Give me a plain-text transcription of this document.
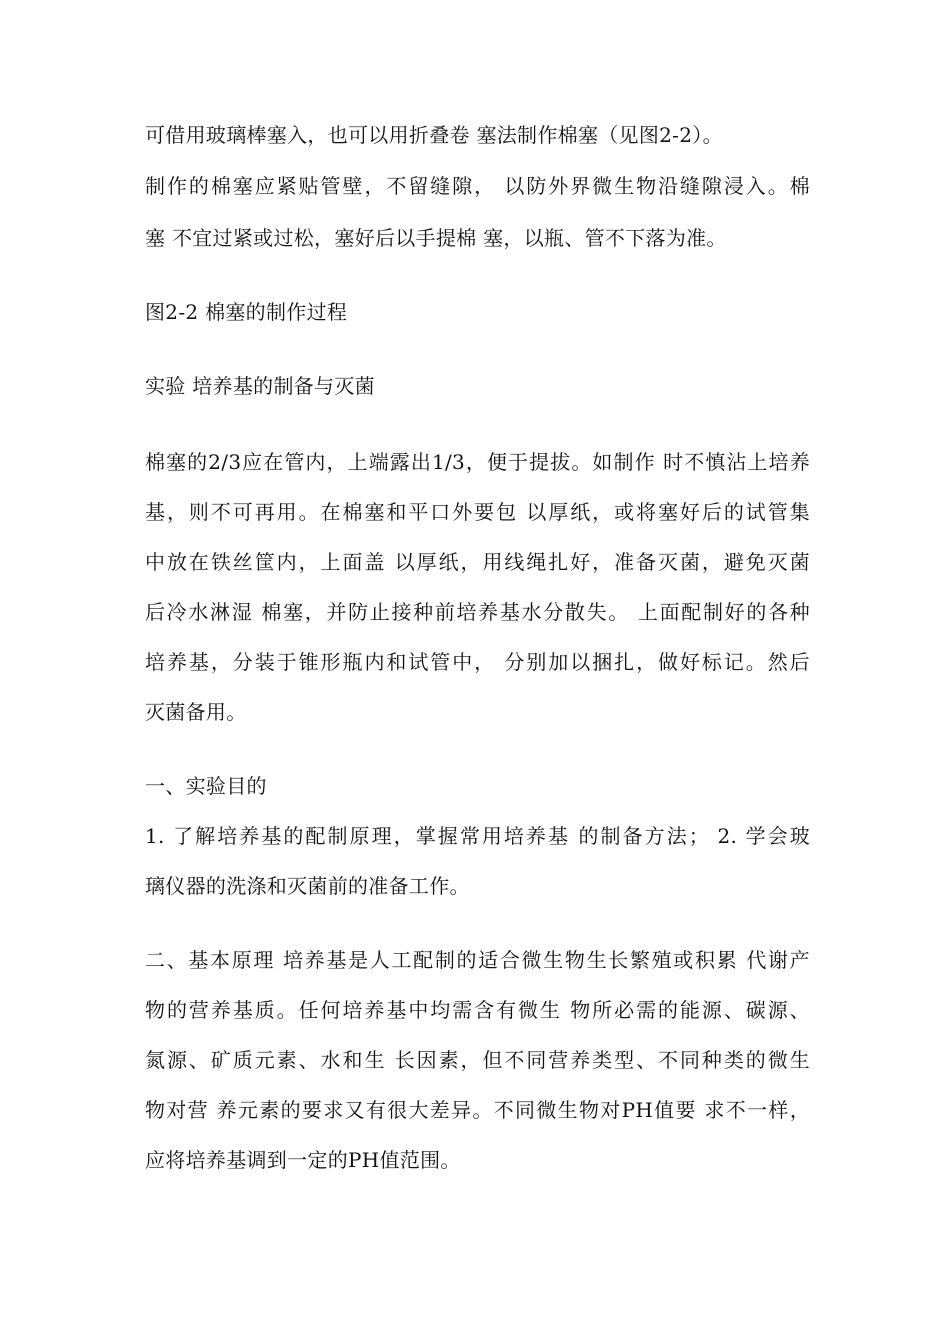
可借用玻璃棒塞入，也可以用折叠卷 塞法制作棉塞（见图2-2）。
制作的棉塞应紧贴管壁，不留缝隙， 以防外界微生物沿缝隙浸入。棉
塞 不宜过紧或过松，塞好后以手提棉 塞，以瓶、管不下落为准。
图2-2 棉塞的制作过程
实验 培养基的制备与灭菌
棉塞的2/3应在管内，上端露出1/3，便于提拔。如制作 时不慎沾上培养
基，则不可再用。在棉塞和平口外要包 以厚纸，或将塞好后的试管集
中放在铁丝筐内，上面盖 以厚纸，用线绳扎好，准备灭菌，避免灭菌
后冷水淋湿 棉塞，并防止接种前培养基水分散失。 上面配制好的各种
培养基，分装于锥形瓶内和试管中， 分别加以捆扎，做好标记。然后
灭菌备用。
一、实验目的
1. 了解培养基的配制原理，掌握常用培养基 的制备方法； 2. 学会玻
璃仪器的洗涤和灭菌前的准备工作。
二、基本原理 培养基是人工配制的适合微生物生长繁殖或积累 代谢产
物的营养基质。任何培养基中均需含有微生 物所必需的能源、碳源、
氮源、矿质元素、水和生 长因素，但不同营养类型、不同种类的微生
物对营 养元素的要求又有很大差异。不同微生物对PH值要 求不一样，
应将培养基调到一定的PH值范围。
